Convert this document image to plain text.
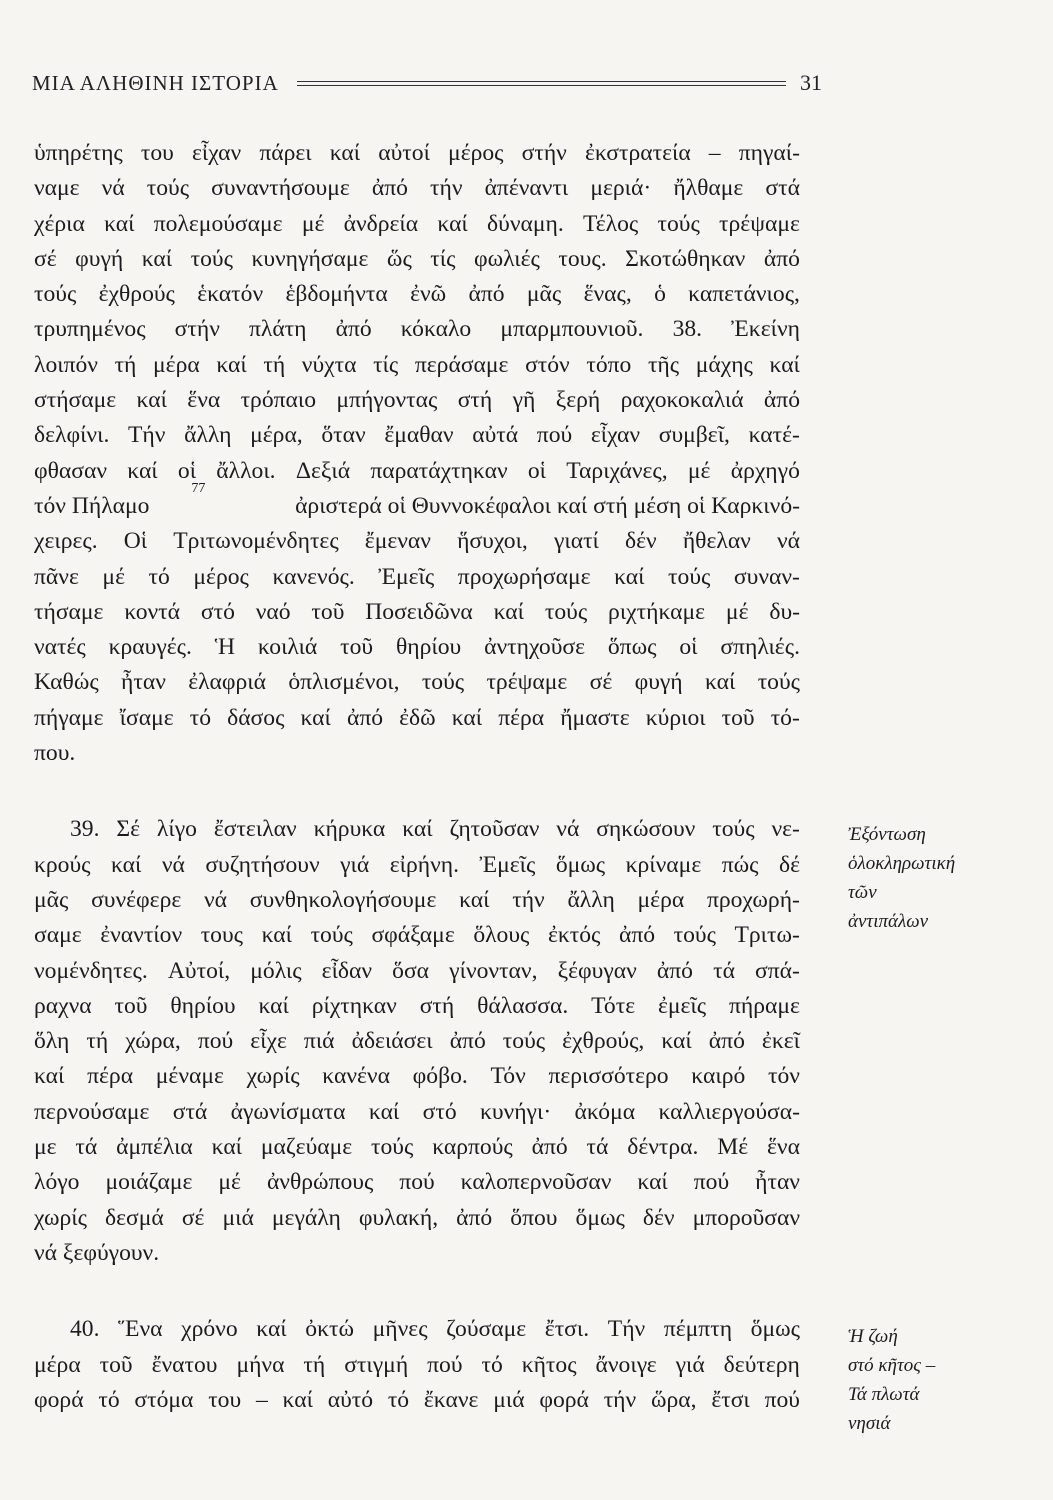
ΜΙΑ ΑΛΗΘΙΝΗ ΙΣΤΟΡΙΑ	31
ὑπηρέτης του εἶχαν πάρει καί αὐτοί μέρος στήν ἐκστρατεία – πηγαί-
ναμε νά τούς συναντήσουμε ἀπό τήν ἀπέναντι μεριά· ἤλθαμε στά
χέρια καί πολεμούσαμε μέ ἀνδρεία καί δύναμη. Τέλος τούς τρέψαμε
σέ φυγή καί τούς κυνηγήσαμε ὥς τίς φωλιές τους. Σκοτώθηκαν ἀπό
τούς ἐχθρούς ἑκατόν ἑβδομήντα ἐνῶ ἀπό μᾶς ἕνας, ὁ καπετάνιος,
τρυπημένος στήν πλάτη ἀπό κόκαλο μπαρμπουνιοῦ. 38. Ἐκείνη
λοιπόν τή μέρα καί τή νύχτα τίς περάσαμε στόν τόπο τῆς μάχης καί
στήσαμε καί ἕνα τρόπαιο μπήγοντας στή γῆ ξερή ραχοκοκαλιά ἀπό
δελφίνι. Τήν ἄλλη μέρα, ὅταν ἔμαθαν αὐτά πού εἶχαν συμβεῖ, κατέ-
φθασαν καί οἱ ἄλλοι. Δεξιά παρατάχτηκαν οἱ Ταριχάνες, μέ ἀρχηγό
τόν Πήλαμο
77

ἀριστερά οἱ Θυννοκέφαλοι καί στή μέση οἱ Καρκινό-
χειρες. Οἱ Τριτωνομένδητες ἔμεναν ἥσυχοι, γιατί δέν ἤθελαν νά
πᾶνε μέ τό μέρος κανενός. Ἐμεῖς προχωρήσαμε καί τούς συναν-
τήσαμε κοντά στό ναό τοῦ Ποσειδῶνα καί τούς ριχτήκαμε μέ δυ-
νατές κραυγές. Ἡ κοιλιά τοῦ θηρίου ἀντηχοῦσε ὅπως οἱ σπηλιές.
Καθώς ἦταν ἐλαφριά ὁπλισμένοι, τούς τρέψαμε σέ φυγή καί τούς
πήγαμε ἴσαμε τό δάσος καί ἀπό ἐδῶ καί πέρα ἤμαστε κύριοι τοῦ τό-
που.
39. Σέ λίγο ἔστειλαν κήρυκα καί ζητοῦσαν νά σηκώσουν τούς νε-
κρούς καί νά συζητήσουν γιά εἰρήνη. Ἐμεῖς ὅμως κρίναμε πώς δέ
μᾶς συνέφερε νά συνθηκολογήσουμε καί τήν ἄλλη μέρα προχωρή-
σαμε ἐναντίον τους καί τούς σφάξαμε ὅλους ἐκτός ἀπό τούς Τριτω-
νομένδητες. Αὐτοί, μόλις εἶδαν ὅσα γίνονταν, ξέφυγαν ἀπό τά σπά-
ραχνα τοῦ θηρίου καί ρίχτηκαν στή θάλασσα. Τότε ἐμεῖς πήραμε
ὅλη τή χώρα, πού εἶχε πιά ἀδειάσει ἀπό τούς ἐχθρούς, καί ἀπό ἐκεῖ
καί πέρα μέναμε χωρίς κανένα φόβο. Τόν περισσότερο καιρό τόν
περνούσαμε στά ἀγωνίσματα καί στό κυνήγι· ἀκόμα καλλιεργούσα-
με τά ἀμπέλια καί μαζεύαμε τούς καρπούς ἀπό τά δέντρα. Μέ ἕνα
λόγο μοιάζαμε μέ ἀνθρώπους πού καλοπερνοῦσαν καί πού ἦταν
χωρίς δεσμά σέ μιά μεγάλη φυλακή, ἀπό ὅπου ὅμως δέν μποροῦσαν
νά ξεφύγουν.
40. Ἕνα χρόνο καί ὀκτώ μῆνες ζούσαμε ἔτσι. Τήν πέμπτη ὅμως
μέρα τοῦ ἔνατου μήνα τή στιγμή πού τό κῆτος ἄνοιγε γιά δεύτερη
φορά τό στόμα του – καί αὐτό τό ἔκανε μιά φορά τήν ὥρα, ἔτσι πού
Ἐξόντωση
ὁλοκληρωτική
τῶν
ἀντιπάλων
Ἡ ζωή
στό κῆτος –
Τά πλωτά
νησιά
